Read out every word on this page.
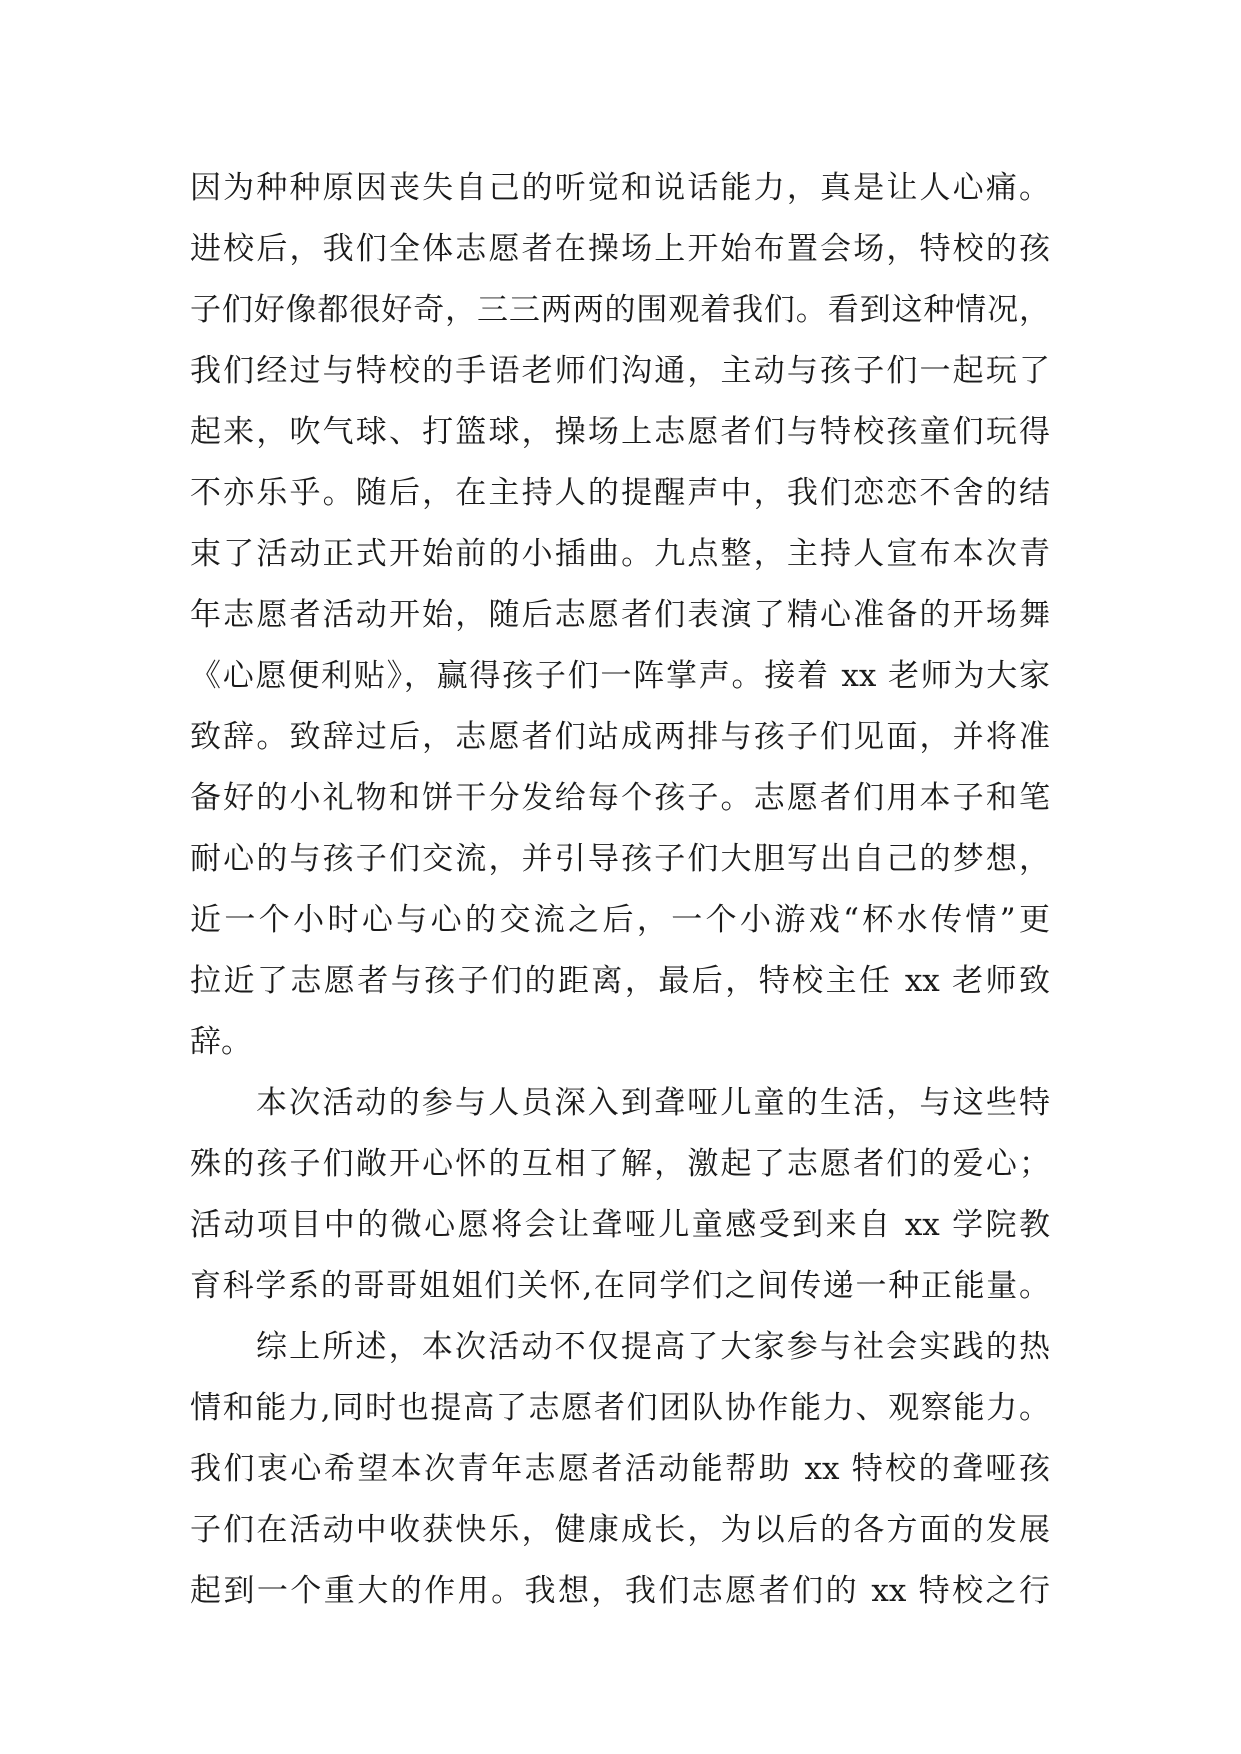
因为种种原因丧失自己的听觉和说话能力，真是让人心痛。
进校后，我们全体志愿者在操场上开始布置会场，特校的孩
子们好像都很好奇，三三两两的围观着我们。看到这种情况，
我们经过与特校的手语老师们沟通，主动与孩子们一起玩了
起来，吹气球、打篮球，操场上志愿者们与特校孩童们玩得
不亦乐乎。随后，在主持人的提醒声中，我们恋恋不舍的结
束了活动正式开始前的小插曲。九点整，主持人宣布本次青
年志愿者活动开始，随后志愿者们表演了精心准备的开场舞
《心愿便利贴》，赢得孩子们一阵掌声。接着 xx 老师为大家
致辞。致辞过后，志愿者们站成两排与孩子们见面，并将准
备好的小礼物和饼干分发给每个孩子。志愿者们用本子和笔
耐心的与孩子们交流，并引导孩子们大胆写出自己的梦想，
近一个小时心与心的交流之后，一个小游戏“杯水传情”更
拉近了志愿者与孩子们的距离，最后，特校主任 xx 老师致
辞。
本次活动的参与人员深入到聋哑儿童的生活，与这些特
殊的孩子们敞开心怀的互相了解，激起了志愿者们的爱心；
活动项目中的微心愿将会让聋哑儿童感受到来自 xx 学院教
育科学系的哥哥姐姐们关怀,在同学们之间传递一种正能量。
综上所述，本次活动不仅提高了大家参与社会实践的热
情和能力,同时也提高了志愿者们团队协作能力、观察能力。
我们衷心希望本次青年志愿者活动能帮助 xx 特校的聋哑孩
子们在活动中收获快乐，健康成长，为以后的各方面的发展
起到一个重大的作用。我想，我们志愿者们的 xx 特校之行
